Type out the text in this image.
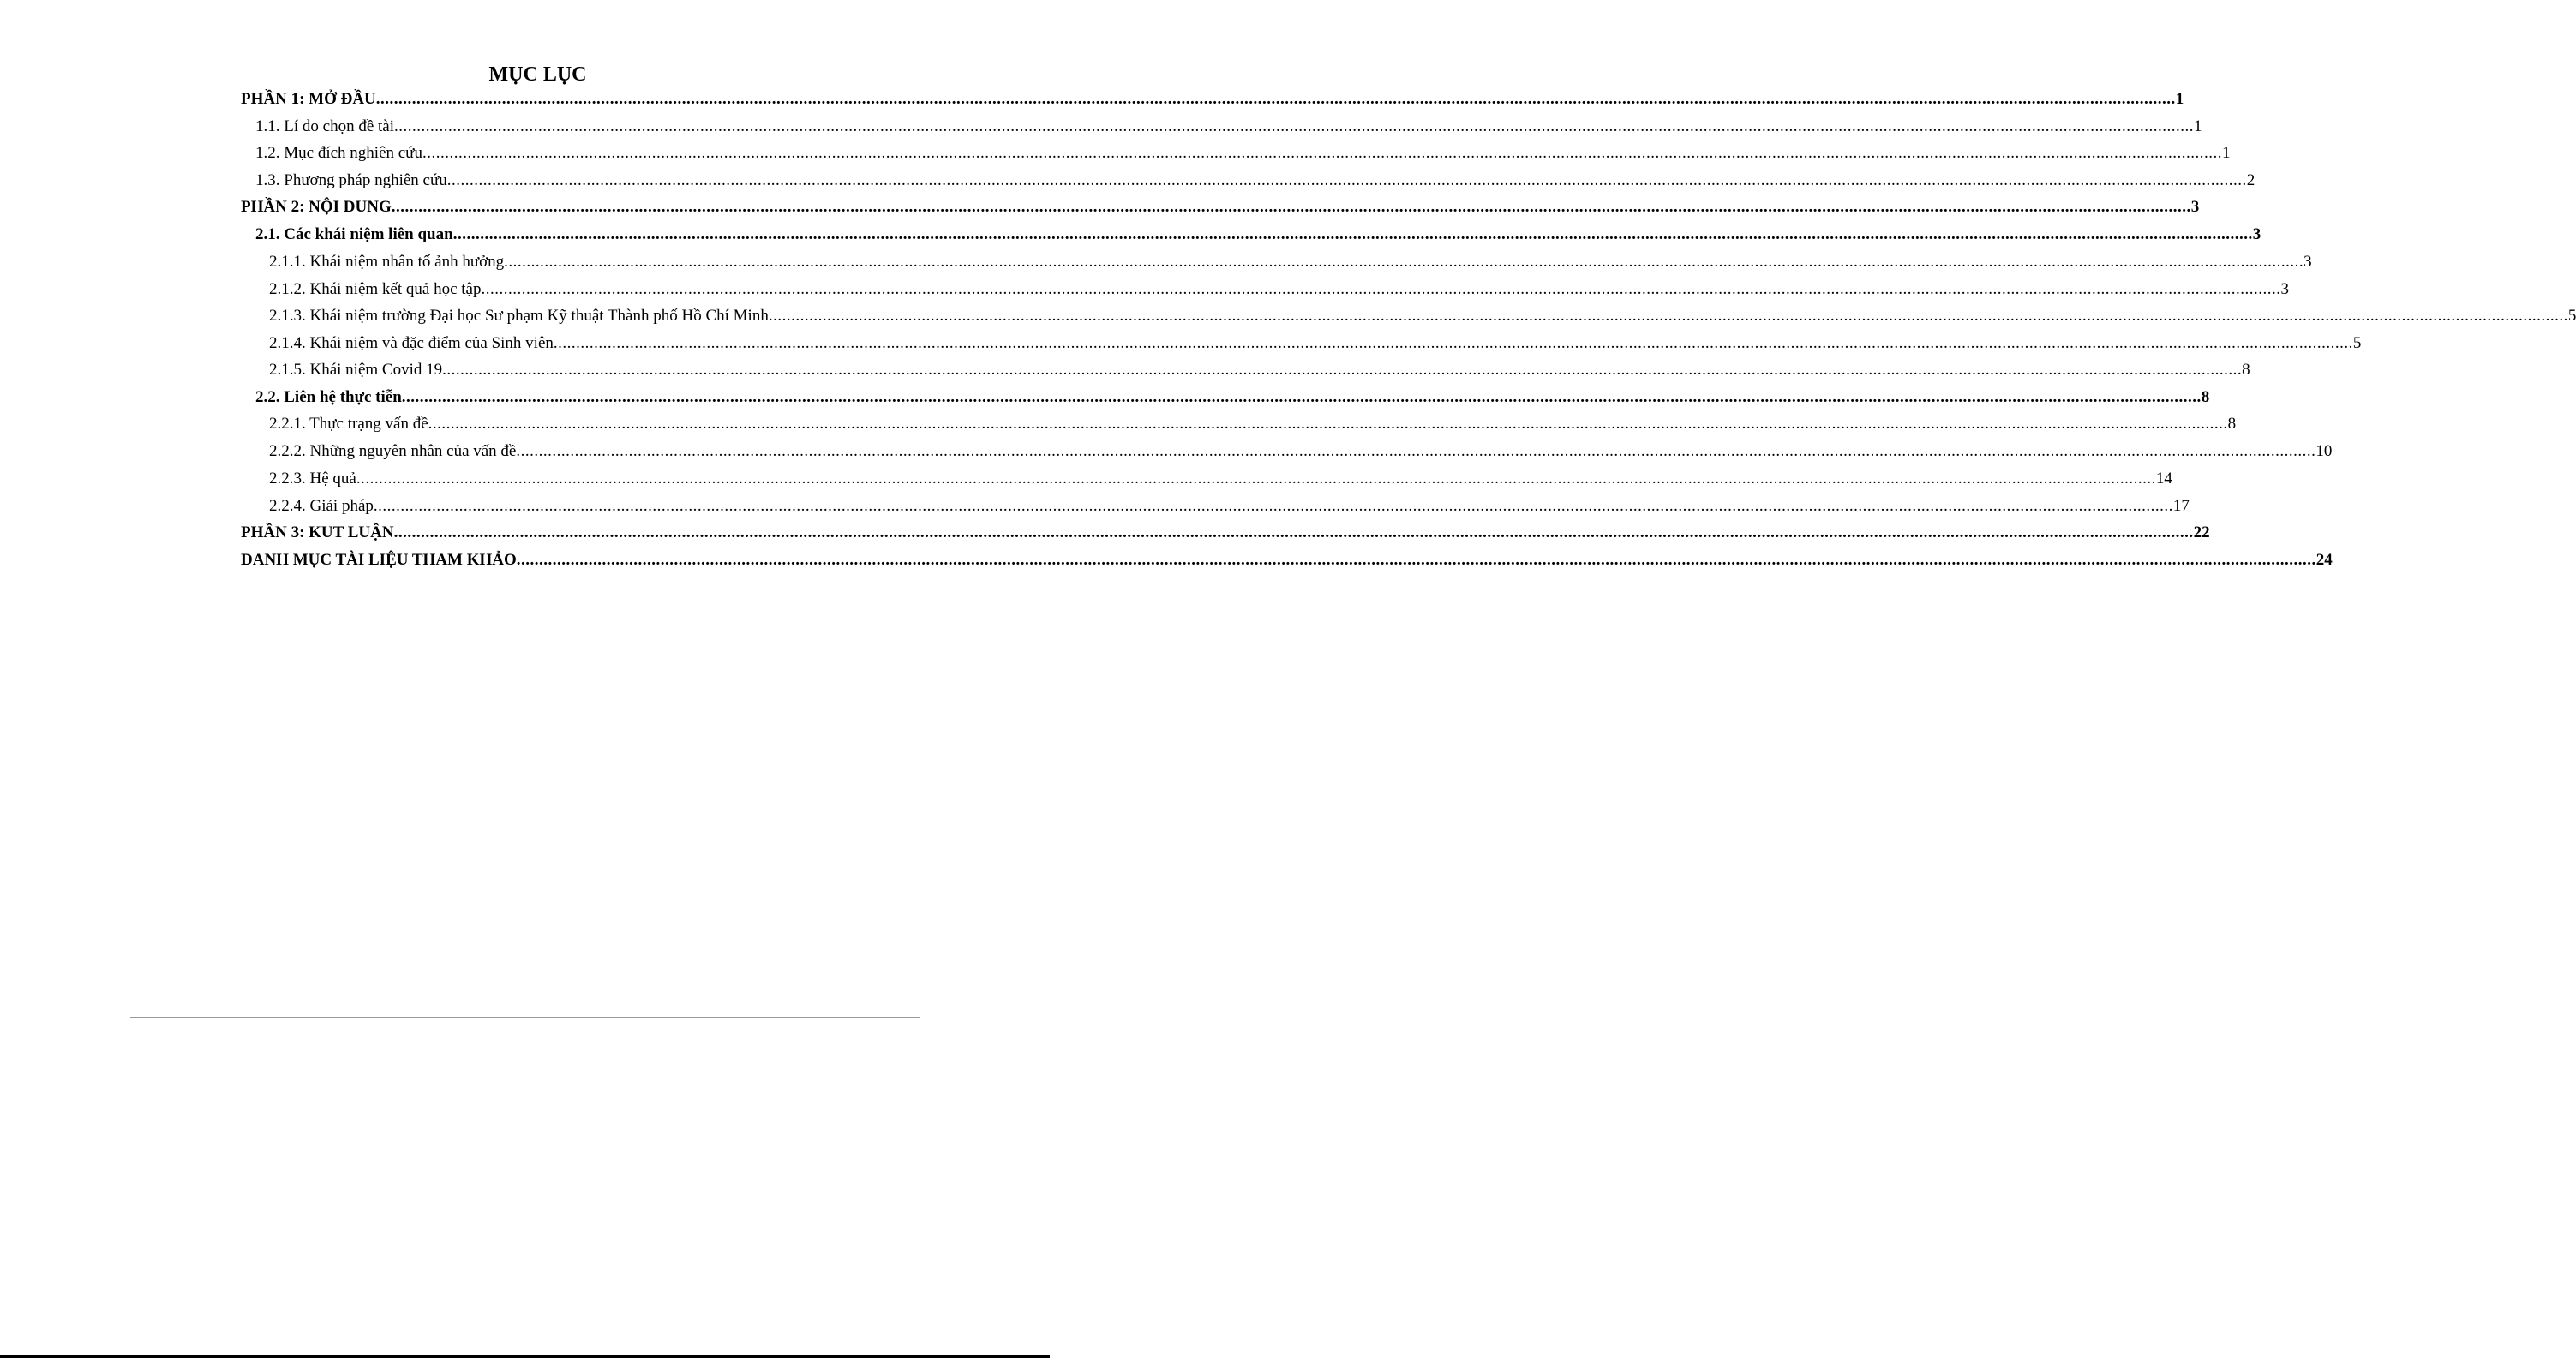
MỤC LỤC
PHẦN 1: MỞ ĐẦU ................................................................................................................................................................................................................................................................................................................................................................................................................ 1
1.1. Lí do chọn đề tài ................................................................................................................................................................................................................................................................................................................................................................................................................ 1
1.2. Mục đích nghiên cứu ................................................................................................................................................................................................................................................................................................................................................................................................................ 1
1.3. Phương pháp nghiên cứu ................................................................................................................................................................................................................................................................................................................................................................................................................ 2
PHẦN 2: NỘI DUNG ................................................................................................................................................................................................................................................................................................................................................................................................................ 3
2.1. Các khái niệm liên quan ................................................................................................................................................................................................................................................................................................................................................................................................................ 3
2.1.1. Khái niệm nhân tố ảnh hưởng ................................................................................................................................................................................................................................................................................................................................................................................................................ 3
2.1.2. Khái niệm kết quả học tập ................................................................................................................................................................................................................................................................................................................................................................................................................ 3
2.1.3. Khái niệm trường Đại học Sư phạm Kỹ thuật Thành phố Hồ Chí Minh ................................................................................................................................................................................................................................................................................................................................................................................................................ 5
2.1.4. Khái niệm và đặc điểm của Sinh viên ................................................................................................................................................................................................................................................................................................................................................................................................................ 5
2.1.5. Khái niệm Covid 19 ................................................................................................................................................................................................................................................................................................................................................................................................................ 8
2.2. Liên hệ thực tiễn ................................................................................................................................................................................................................................................................................................................................................................................................................ 8
2.2.1. Thực trạng vấn đề ................................................................................................................................................................................................................................................................................................................................................................................................................ 8
2.2.2. Những nguyên nhân của vấn đề ................................................................................................................................................................................................................................................................................................................................................................................................................ 10
2.2.3. Hệ quả ................................................................................................................................................................................................................................................................................................................................................................................................................ 14
2.2.4. Giải pháp ................................................................................................................................................................................................................................................................................................................................................................................................................ 17
PHẦN 3: KUT LUẬN ................................................................................................................................................................................................................................................................................................................................................................................................................ 22
DANH MỤC TÀI LIỆU THAM KHẢO ................................................................................................................................................................................................................................................................................................................................................................................................................ 24
